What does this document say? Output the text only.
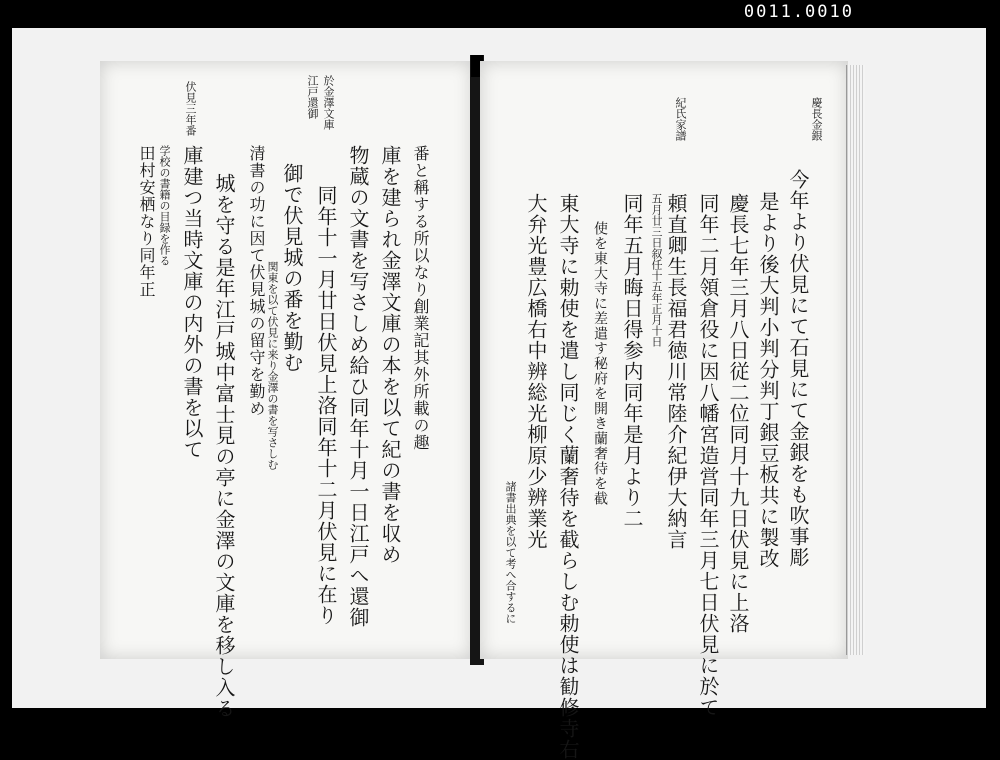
0011.0010
伏見三年番	江戸還御 於金澤文庫
番と稱する所以なり創業記其外所載の趣
庫を建られ金澤文庫の本を以て紀の書を収め
物蔵の文書を写さしめ給ひ同年十月一日江戸へ還御
同年十一月廿日伏見上洛同年十二月伏見に在り
御で伏見城の番を勤む
関東を以て伏見に来り金澤の書を写さしむ
清書の功に因て伏見城の留守を勤め
城を守る是年江戸城中富士見の亭に金澤の文庫を移し入る
庫建つ当時文庫の内外の書を以て
学校の書籍の目録を作る
田村安栖なり同年正
慶長金銀
紀氏家譜
今年より伏見にて石見にて金銀をも吹事彫
是より後大判小判分判丁銀豆板共に製改
慶長七年三月八日従二位同月十九日伏見に上洛
同年二月領倉役に因八幡宮造営同年三月七日伏見に於て
頼直卿生長福君徳川常陸介紀伊大納言
五月廿三日叙任十五年正月十日
同年五月晦日得参内同年是月より二
使を東大寺に差遣す秘府を開き蘭奢待を截
東大寺に勅使を遣し同じく蘭奢待を截らしむ勅使は勧修寺右
大弁光豊広橋右中辨総光柳原少辨業光
諸書出典を以て考へ合するに
